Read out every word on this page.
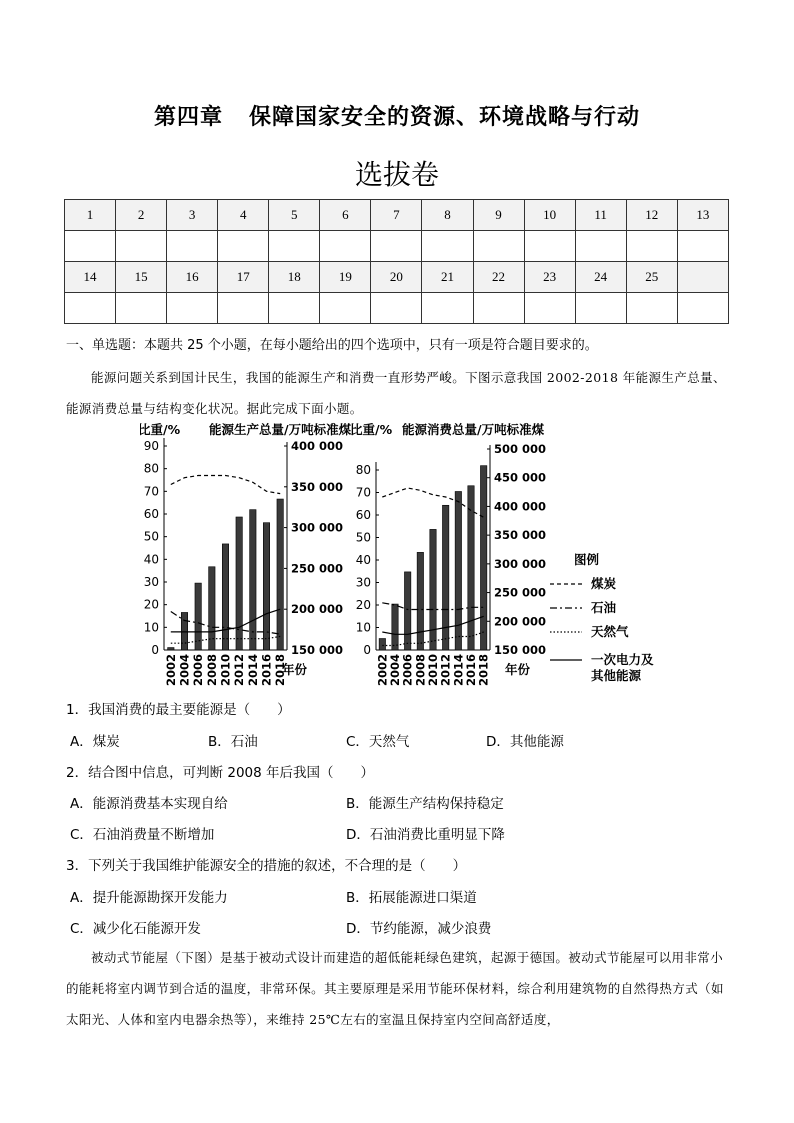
第四章 保障国家安全的资源、环境战略与行动
选拔卷
1	2	3	4	5	6	7	8	9	10	11	12	13

14	15	16	17	18	19	20	21	22	23	24	25	

一、单选题：本题共 25 个小题，在每小题给出的四个选项中，只有一项是符合题目要求的。
能源问题关系到国计民生，我国的能源生产和消费一直形势严峻。下图示意我国 2002-2018 年能源生产总量、能源消费总量与结构变化状况。据此完成下面小题。
比重/% 能源生产总量/万吨标准煤
0
10
20
30
40
50
60
70
80
90
150 000
200 000
250 000
300 000
350 000
400 000
2002 2004 2006 2008 2010 2012 2014 2016 2018
年份
比重/% 能源消费总量/万吨标准煤
0
10
20
30
40
50
60
70
80
150 000
200 000
250 000
300 000
350 000
400 000
450 000
500 000
2002
2004
2006
2008
2010
2012
2014
2016
2018 年份
图例
煤炭
石油
天然气
一次电力及
其他能源
1．我国消费的最主要能源是（　　）
A．煤炭	B．石油	C．天然气	D．其他能源
2．结合图中信息，可判断 2008 年后我国（　　）
A．能源消费基本实现自给	B．能源生产结构保持稳定
C．石油消费量不断增加	D．石油消费比重明显下降
3．下列关于我国维护能源安全的措施的叙述，不合理的是（　　）
A．提升能源勘探开发能力	B．拓展能源进口渠道
C．减少化石能源开发	D．节约能源，减少浪费
被动式节能屋（下图）是基于被动式设计而建造的超低能耗绿色建筑，起源于德国。被动式节能屋可以用非常小的能耗将室内调节到合适的温度，非常环保。其主要原理是采用节能环保材料，综合利用建筑物的自然得热方式（如太阳光、人体和室内电器余热等），来维持 25℃左右的室温且保持室内空间高舒适度，
